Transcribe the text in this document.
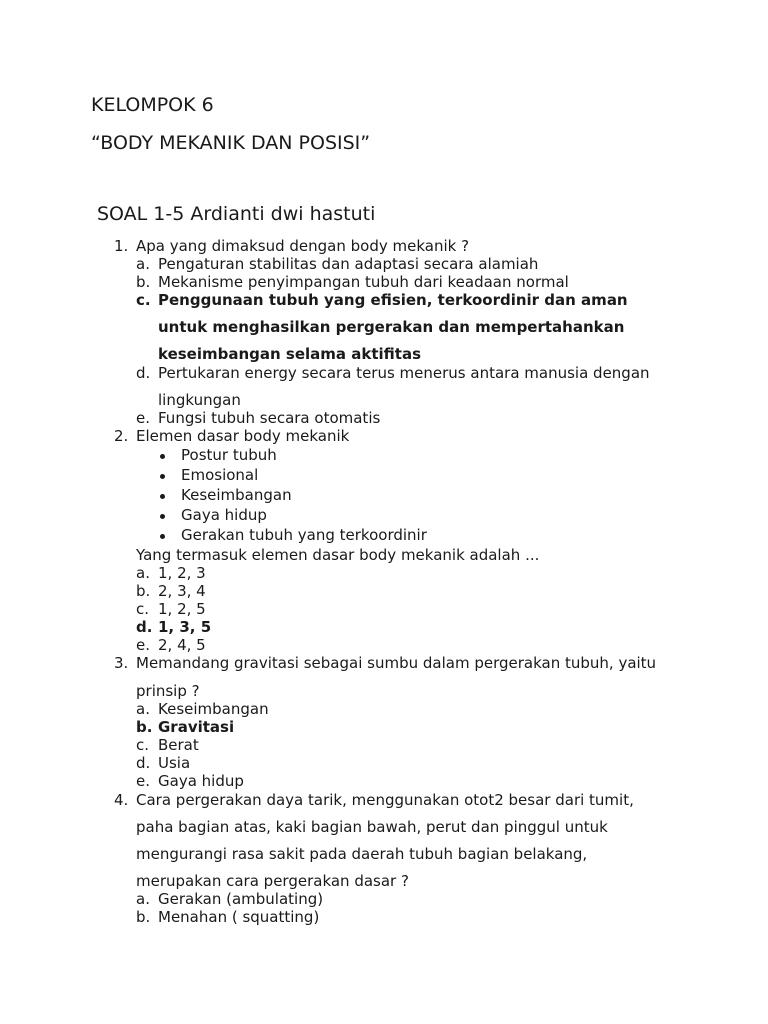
KELOMPOK 6
“BODY MEKANIK DAN POSISI”
SOAL 1-5 Ardianti dwi hastuti
1. Apa yang dimaksud dengan body mekanik ?
a. Pengaturan stabilitas dan adaptasi secara alamiah
b. Mekanisme penyimpangan tubuh dari keadaan normal
c. Penggunaan tubuh yang efisien, terkoordinir dan aman
untuk menghasilkan pergerakan dan mempertahankan
keseimbangan selama aktifitas
d. Pertukaran energy secara terus menerus antara manusia dengan
lingkungan
e. Fungsi tubuh secara otomatis
2. Elemen dasar body mekanik
Postur tubuh
Emosional
Keseimbangan
Gaya hidup
Gerakan tubuh yang terkoordinir
Yang termasuk elemen dasar body mekanik adalah ...
a. 1, 2, 3
b. 2, 3, 4
c. 1, 2, 5
d. 1, 3, 5
e. 2, 4, 5
3. Memandang gravitasi sebagai sumbu dalam pergerakan tubuh, yaitu
prinsip ?
a. Keseimbangan
b. Gravitasi
c. Berat
d. Usia
e. Gaya hidup
4. Cara pergerakan daya tarik, menggunakan otot2 besar dari tumit,
paha bagian atas, kaki bagian bawah, perut dan pinggul untuk
mengurangi rasa sakit pada daerah tubuh bagian belakang,
merupakan cara pergerakan dasar ?
a. Gerakan (ambulating)
b. Menahan ( squatting)
